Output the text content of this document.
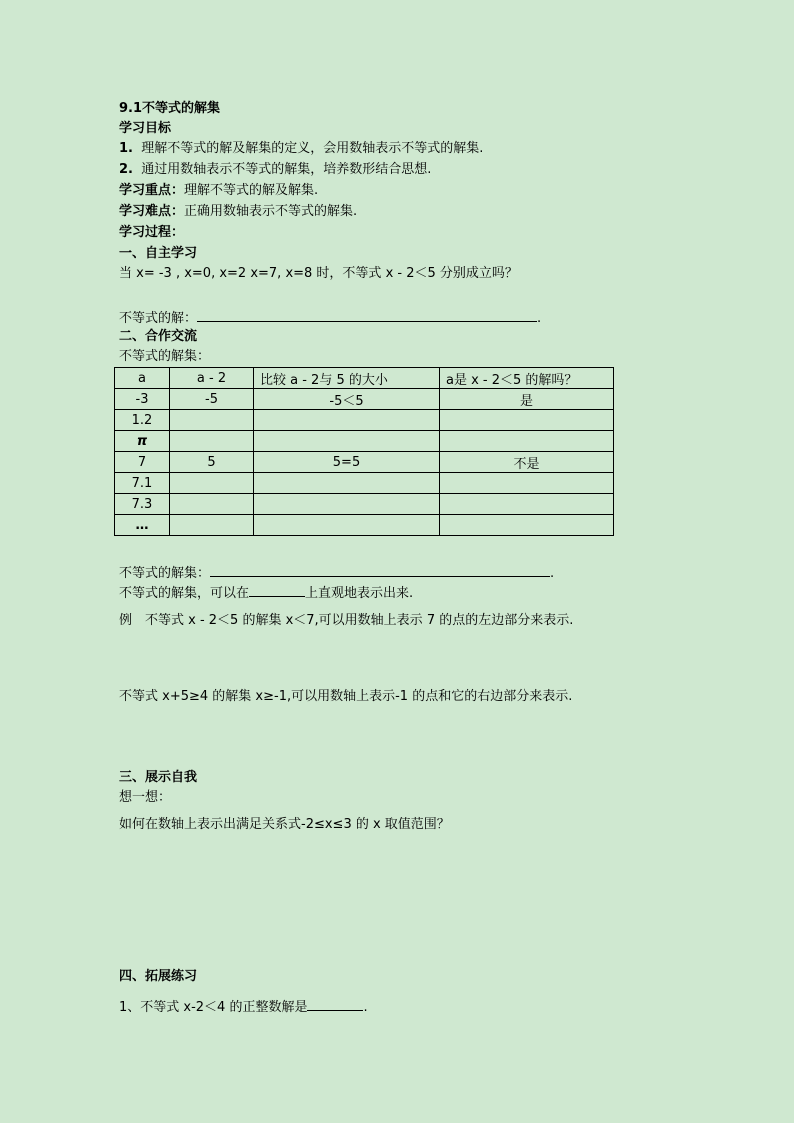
9.1不等式的解集
学习目标
1. 理解不等式的解及解集的定义，会用数轴表示不等式的解集.
2. 通过用数轴表示不等式的解集，培养数形结合思想.
学习重点：理解不等式的解及解集.
学习难点：正确用数轴表示不等式的解集.
学习过程：
一、自主学习
当 x= -3 , x=0, x=2 x=7, x=8 时，不等式 x - 2＜5 分别成立吗？
不等式的解：	.
二、合作交流
不等式的解集：
a	a - 2	比较 a - 2与 5 的大小	a是 x - 2＜5 的解吗？
-3	-5	-5＜5	是
1.2			
π			
7	5	5=5	不是
7.1			
7.3			
…			
不等式的解集：	.
不等式的解集，可以在	上直观地表示出来.
例　不等式 x - 2＜5 的解集 x＜7,可以用数轴上表示 7 的点的左边部分来表示.
不等式 x+5≥4 的解集 x≥-1,可以用数轴上表示-1 的点和它的右边部分来表示.
三、展示自我
想一想：
如何在数轴上表示出满足关系式-2≤x≤3 的 x 取值范围？
四、拓展练习
1、不等式 x-2＜4 的正整数解是	.
